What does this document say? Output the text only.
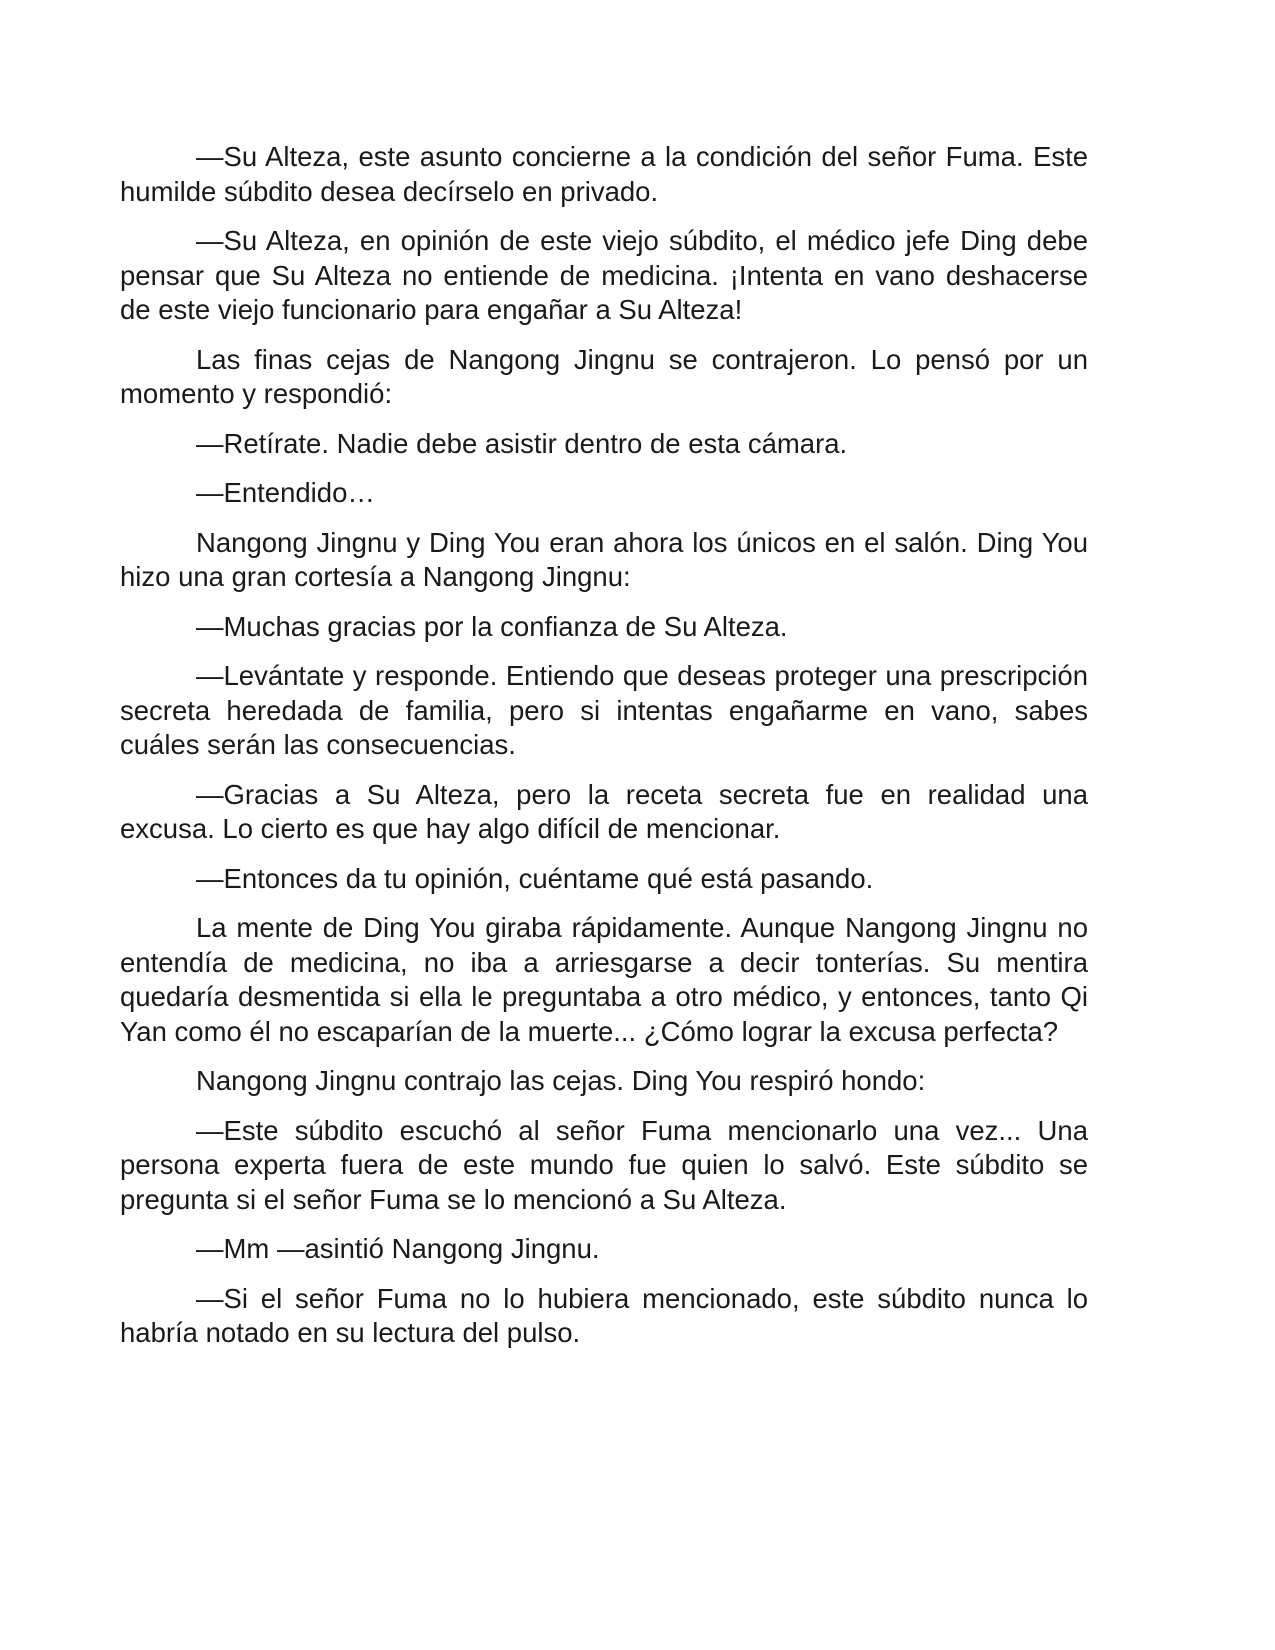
—Su Alteza, este asunto concierne a la condición del señor Fuma. Este humilde súbdito desea decírselo en privado.

—Su Alteza, en opinión de este viejo súbdito, el médico jefe Ding debe pensar que Su Alteza no entiende de medicina. ¡Intenta en vano deshacerse de este viejo funcionario para engañar a Su Alteza!

Las finas cejas de Nangong Jingnu se contrajeron. Lo pensó por un momento y respondió:

—Retírate. Nadie debe asistir dentro de esta cámara.

—Entendido…

Nangong Jingnu y Ding You eran ahora los únicos en el salón. Ding You hizo una gran cortesía a Nangong Jingnu:

—Muchas gracias por la confianza de Su Alteza.

—Levántate y responde. Entiendo que deseas proteger una prescripción secreta heredada de familia, pero si intentas engañarme en vano, sabes cuáles serán las consecuencias.

—Gracias a Su Alteza, pero la receta secreta fue en realidad una excusa. Lo cierto es que hay algo difícil de mencionar.

—Entonces da tu opinión, cuéntame qué está pasando.

La mente de Ding You giraba rápidamente. Aunque Nangong Jingnu no entendía de medicina, no iba a arriesgarse a decir tonterías. Su mentira quedaría desmentida si ella le preguntaba a otro médico, y entonces, tanto Qi Yan como él no escaparían de la muerte... ¿Cómo lograr la excusa perfecta?

Nangong Jingnu contrajo las cejas. Ding You respiró hondo:

—Este súbdito escuchó al señor Fuma mencionarlo una vez... Una persona experta fuera de este mundo fue quien lo salvó. Este súbdito se pregunta si el señor Fuma se lo mencionó a Su Alteza.

—Mm —asintió Nangong Jingnu.

—Si el señor Fuma no lo hubiera mencionado, este súbdito nunca lo habría notado en su lectura del pulso.
